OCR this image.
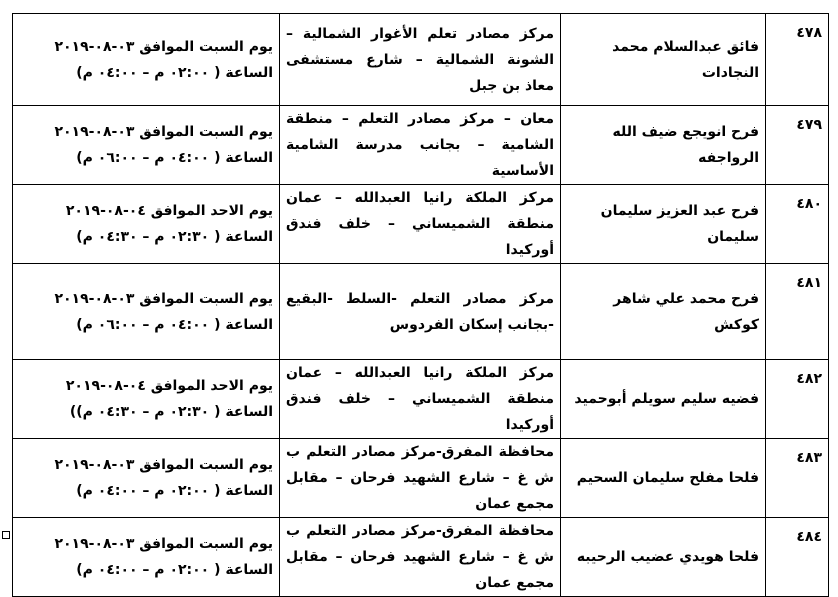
٤٧٨	فائق عبدالسلام محمد النجادات	مركز مصادر تعلم الأغوار الشمالية – الشونة الشمالية – شارع مستشفى معاذ بن جبل	يوم السبت الموافق ٠٣-٠٨-٢٠١٩
الساعة ( ٠٢:٠٠ م – ٠٤:٠٠ م)

٤٧٩	فرح انويجع ضيف الله الرواجفه	معان – مركز مصادر التعلم – منطقة الشامية – بجانب مدرسة الشامية الأساسية	يوم السبت الموافق ٠٣-٠٨-٢٠١٩
الساعة ( ٠٤:٠٠ م – ٠٦:٠٠ م)

٤٨٠	فرح عبد العزيز سليمان سليمان	مركز الملكة رانيا العبدالله – عمان منطقة الشميساني – خلف فندق أوركيدا	يوم الاحد الموافق ٠٤-٠٨-٢٠١٩
الساعة ( ٠٢:٣٠ م – ٠٤:٣٠ م)

٤٨١	فرح محمد علي شاهر كوكش	مركز مصادر التعلم -السلط -البقيع -بجانب إسكان الفردوس	يوم السبت الموافق ٠٣-٠٨-٢٠١٩
الساعة ( ٠٤:٠٠ م – ٠٦:٠٠ م)

٤٨٢	فضيه سليم سويلم أبوحميد	مركز الملكة رانيا العبدالله – عمان منطقة الشميساني – خلف فندق أوركيدا	يوم الاحد الموافق ٠٤-٠٨-٢٠١٩
الساعة ( ٠٢:٣٠ م – ٠٤:٣٠ م))

٤٨٣	فلحا مفلح سليمان السحيم	محافظة المفرق-مركز مصادر التعلم ب ش غ – شارع الشهيد فرحان – مقابل مجمع عمان	يوم السبت الموافق ٠٣-٠٨-٢٠١٩
الساعة ( ٠٢:٠٠ م – ٠٤:٠٠ م)

٤٨٤	فلحا هويدي عضيب الرحيبه	محافظة المفرق-مركز مصادر التعلم ب ش غ – شارع الشهيد فرحان – مقابل مجمع عمان	يوم السبت الموافق ٠٣-٠٨-٢٠١٩
الساعة ( ٠٢:٠٠ م – ٠٤:٠٠ م)
